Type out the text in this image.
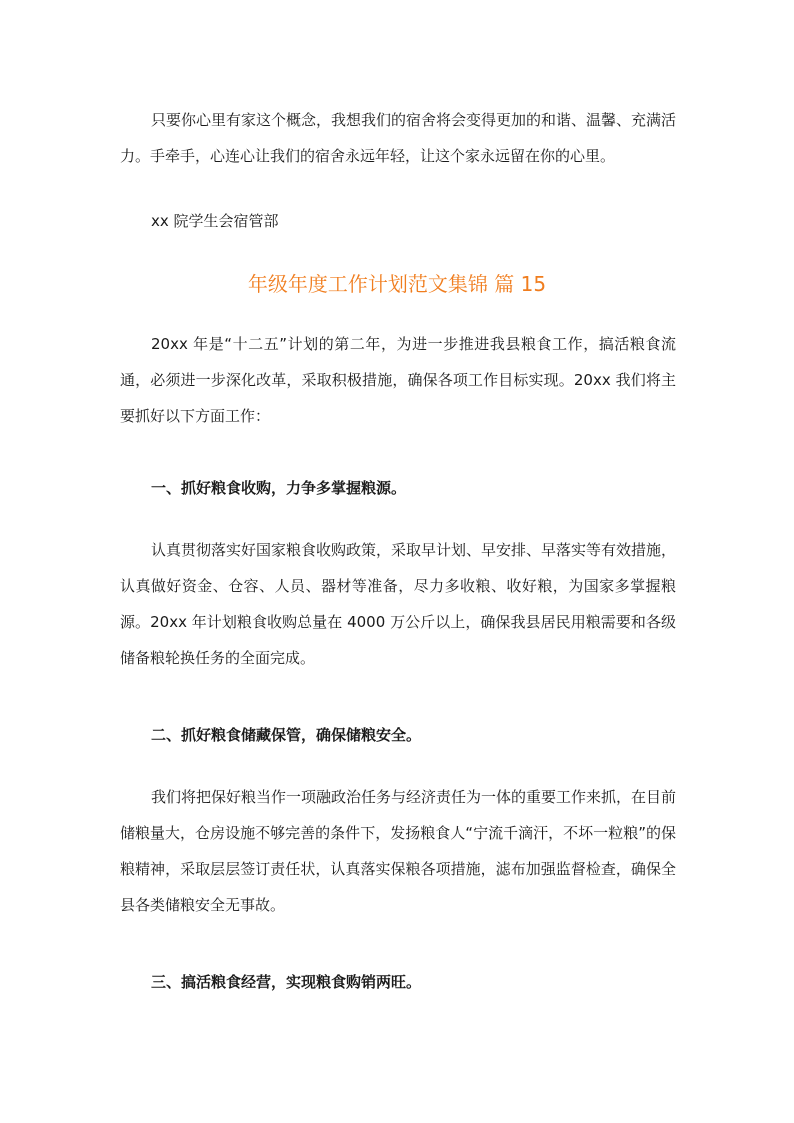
只要你心里有家这个概念，我想我们的宿舍将会变得更加的和谐、温馨、充满活力。手牵手，心连心让我们的宿舍永远年轻，让这个家永远留在你的心里。

xx 院学生会宿管部

年级年度工作计划范文集锦 篇 15

20xx 年是“十二五”计划的第二年，为进一步推进我县粮食工作，搞活粮食流通，必须进一步深化改革，采取积极措施，确保各项工作目标实现。20xx 我们将主要抓好以下方面工作：

一、抓好粮食收购，力争多掌握粮源。

认真贯彻落实好国家粮食收购政策，采取早计划、早安排、早落实等有效措施，认真做好资金、仓容、人员、器材等准备，尽力多收粮、收好粮，为国家多掌握粮源。20xx 年计划粮食收购总量在 4000 万公斤以上，确保我县居民用粮需要和各级储备粮轮换任务的全面完成。

二、抓好粮食储藏保管，确保储粮安全。

我们将把保好粮当作一项融政治任务与经济责任为一体的重要工作来抓，在目前储粮量大，仓房设施不够完善的条件下，发扬粮食人“宁流千滴汗，不坏一粒粮”的保粮精神，采取层层签订责任状，认真落实保粮各项措施，滤布加强监督检查，确保全县各类储粮安全无事故。

三、搞活粮食经营，实现粮食购销两旺。
